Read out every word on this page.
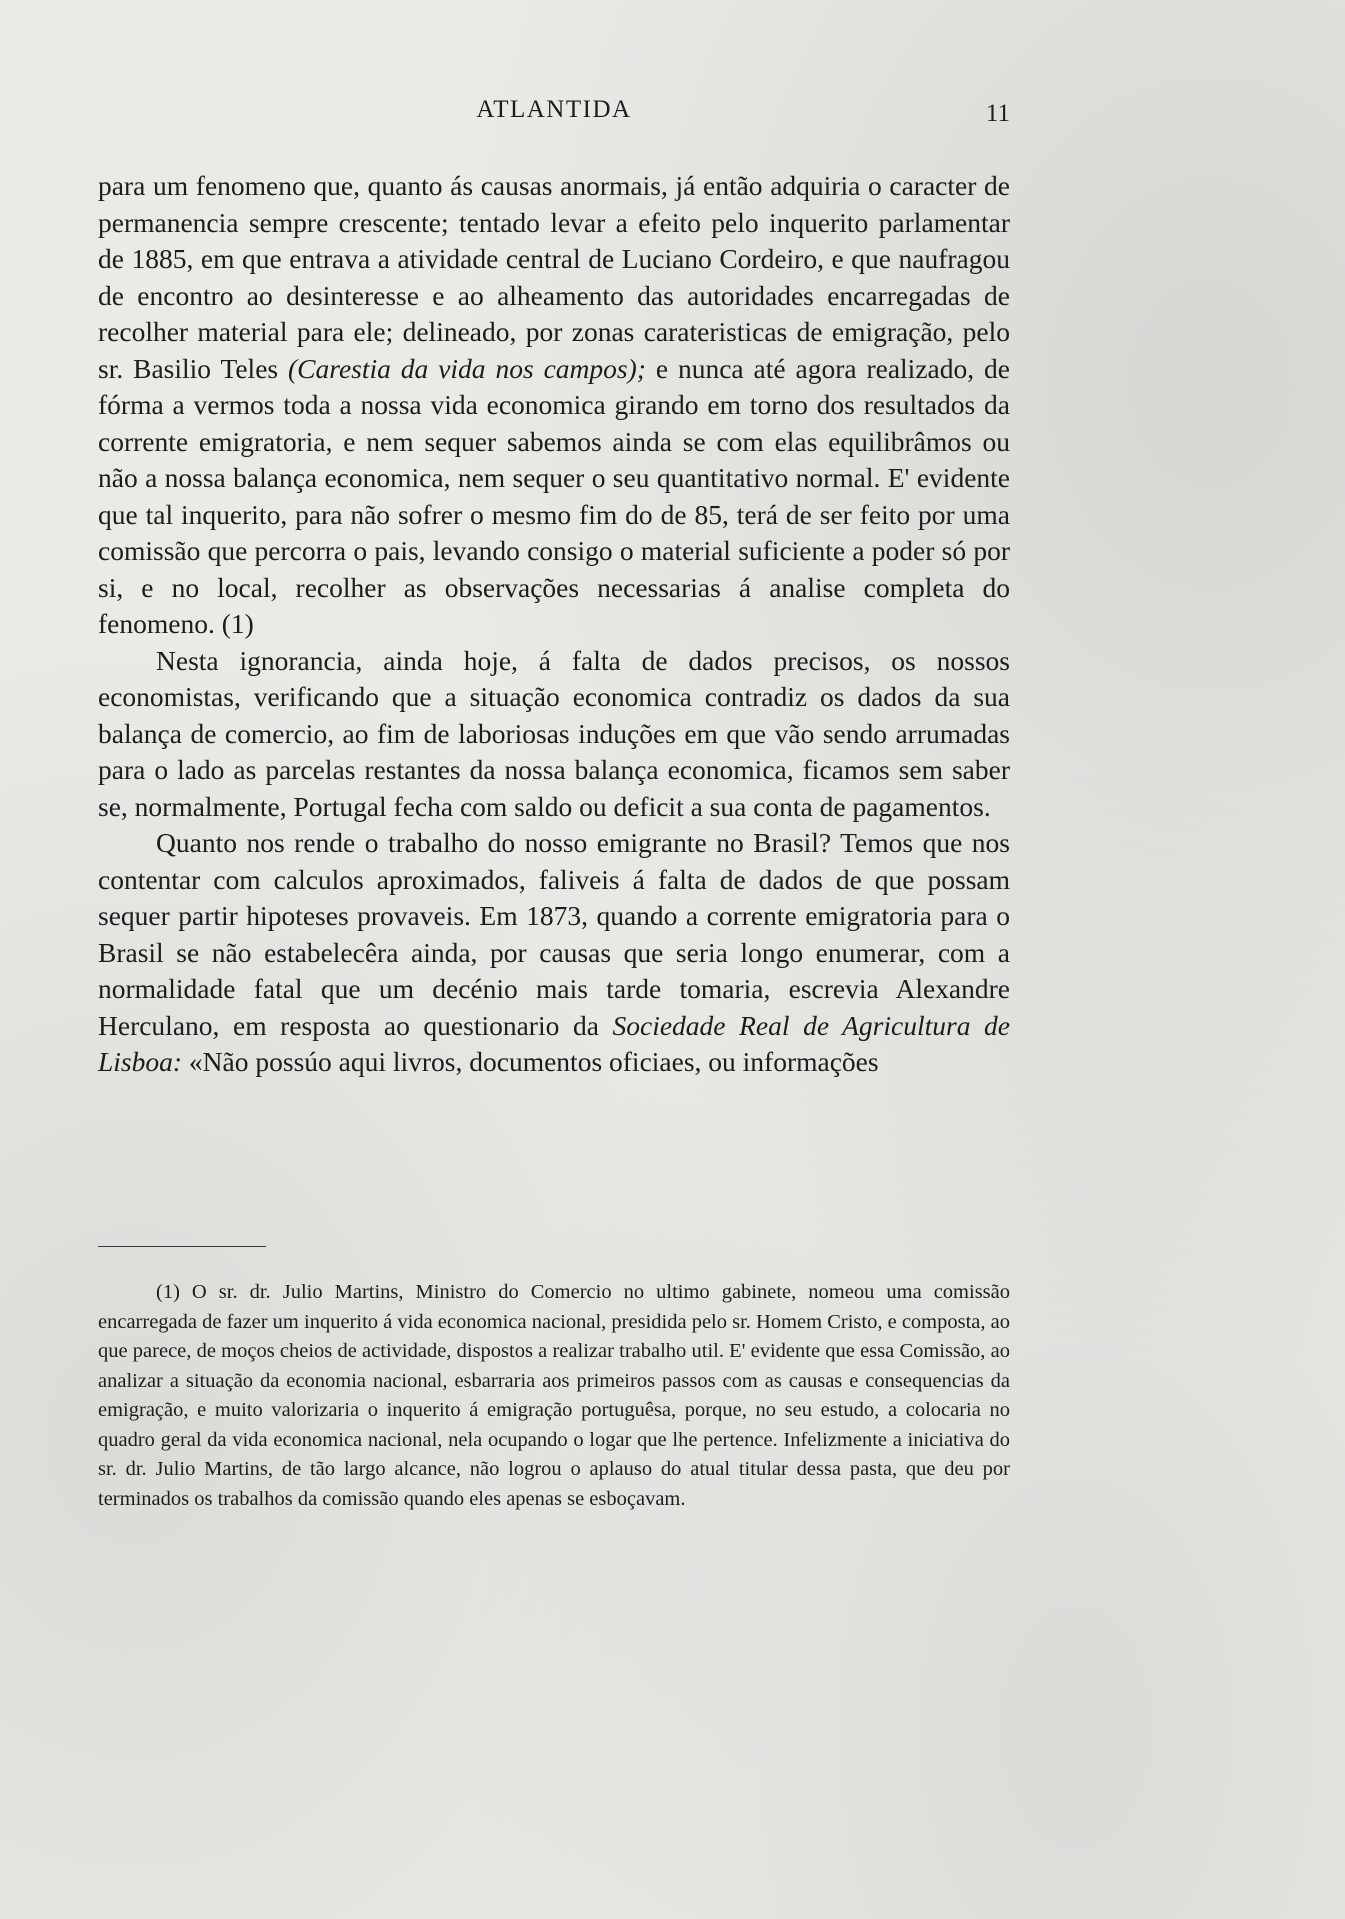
ATLANTIDA	11

para um fenomeno que, quanto ás causas anormais, já então adquiria o caracter de permanencia sempre crescente; tentado levar a efeito pelo inquerito parlamentar de 1885, em que entrava a atividade central de Luciano Cordeiro, e que naufragou de encontro ao desinteresse e ao alheamento das autoridades encarregadas de recolher material para ele; delineado, por zonas carateristicas de emigração, pelo sr. Basilio Teles (Carestia da vida nos campos); e nunca até agora realizado, de fórma a vermos toda a nossa vida economica girando em torno dos resultados da corrente emigratoria, e nem sequer sabemos ainda se com elas equilibrâmos ou não a nossa balança economica, nem sequer o seu quantitativo normal. E' evidente que tal inquerito, para não sofrer o mesmo fim do de 85, terá de ser feito por uma comissão que percorra o pais, levando consigo o material suficiente a poder só por si, e no local, recolher as observações necessarias á analise completa do fenomeno. (1)

Nesta ignorancia, ainda hoje, á falta de dados precisos, os nossos economistas, verificando que a situação economica contradiz os dados da sua balança de comercio, ao fim de laboriosas induções em que vão sendo arrumadas para o lado as parcelas restantes da nossa balança economica, ficamos sem saber se, normalmente, Portugal fecha com saldo ou deficit a sua conta de pagamentos.

Quanto nos rende o trabalho do nosso emigrante no Brasil? Temos que nos contentar com calculos aproximados, faliveis á falta de dados de que possam sequer partir hipoteses provaveis. Em 1873, quando a corrente emigratoria para o Brasil se não estabelecêra ainda, por causas que seria longo enumerar, com a normalidade fatal que um decénio mais tarde tomaria, escrevia Alexandre Herculano, em resposta ao questionario da Sociedade Real de Agricultura de Lisboa: «Não possúo aqui livros, documentos oficiaes, ou informações

(1) O sr. dr. Julio Martins, Ministro do Comercio no ultimo gabinete, nomeou uma comissão encarregada de fazer um inquerito á vida economica nacional, presidida pelo sr. Homem Cristo, e composta, ao que parece, de moços cheios de actividade, dispostos a realizar trabalho util. E' evidente que essa Comissão, ao analizar a situação da economia nacional, esbarraria aos primeiros passos com as causas e consequencias da emigração, e muito valorizaria o inquerito á emigração portuguêsa, porque, no seu estudo, a colocaria no quadro geral da vida economica nacional, nela ocupando o logar que lhe pertence. Infelizmente a iniciativa do sr. dr. Julio Martins, de tão largo alcance, não logrou o aplauso do atual titular dessa pasta, que deu por terminados os trabalhos da comissão quando eles apenas se esboçavam.
